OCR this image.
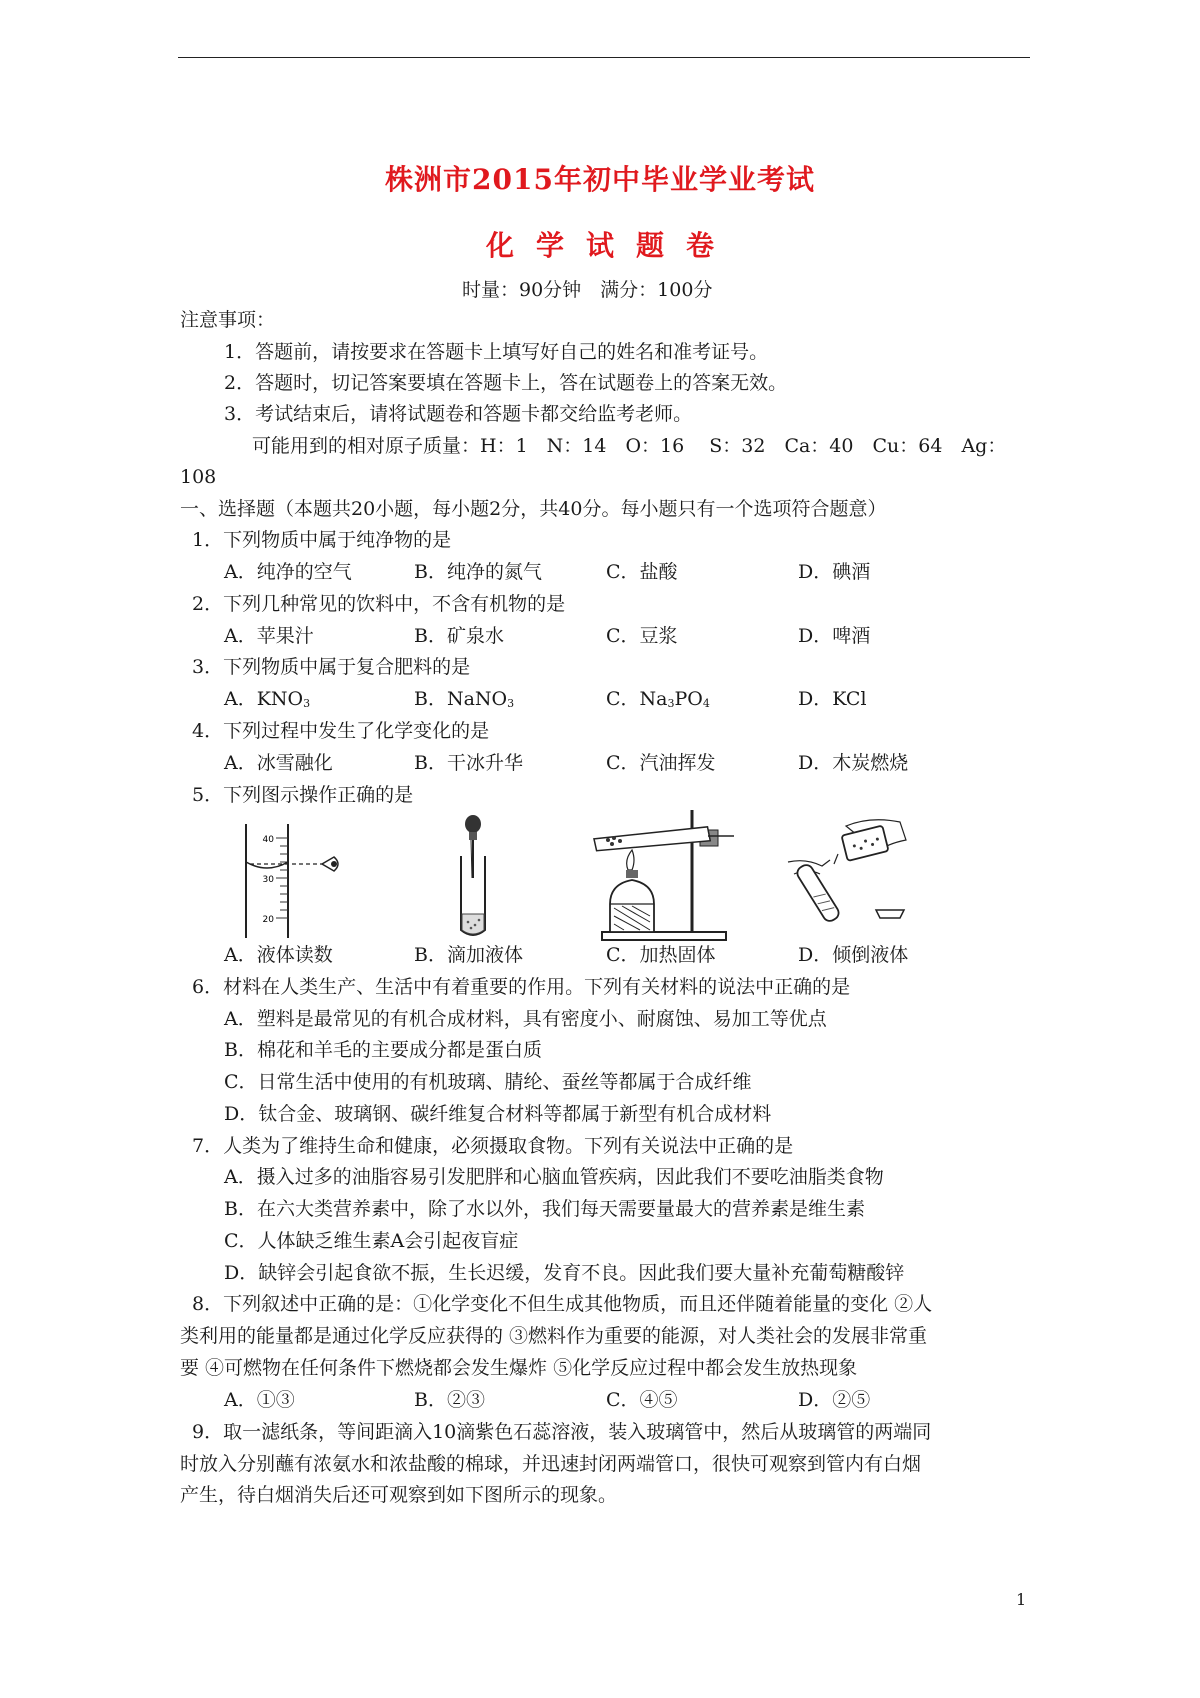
株洲市2015年初中毕业学业考试
化 学 试 题 卷
时量：90分钟　满分：100分
注意事项：
1．答题前，请按要求在答题卡上填写好自己的姓名和准考证号。
2．答题时，切记答案要填在答题卡上，答在试题卷上的答案无效。
3．考试结束后，请将试题卷和答题卡都交给监考老师。
可能用到的相对原子质量：H：1　N：14　O：16　 S：32　Ca：40　Cu：64　Ag：
108
一、选择题（本题共20小题，每小题2分，共40分。每小题只有一个选项符合题意）
1．下列物质中属于纯净物的是
A．纯净的空气	B．纯净的氮气	C．盐酸	D．碘酒
2．下列几种常见的饮料中，不含有机物的是
A．苹果汁	B．矿泉水	C．豆浆	D．啤酒
3．下列物质中属于复合肥料的是
A．$KNO_3$	B．NaNO$_3$	C．$Na_3PO_4$	D．KCl
4．下列过程中发生了化学变化的是
A．冰雪融化	B．干冰升华	C．汽油挥发	D．木炭燃烧
5．下列图示操作正确的是
40
30
20
A．液体读数	B．滴加液体	C．加热固体	D．倾倒液体
6．材料在人类生产、生活中有着重要的作用。下列有关材料的说法中正确的是
A．塑料是最常见的有机合成材料，具有密度小、耐腐蚀、易加工等优点
B．棉花和羊毛的主要成分都是蛋白质
C．日常生活中使用的有机玻璃、腈纶、蚕丝等都属于合成纤维
D．钛合金、玻璃钢、碳纤维复合材料等都属于新型有机合成材料
7．人类为了维持生命和健康，必须摄取食物。下列有关说法中正确的是
A．摄入过多的油脂容易引发肥胖和心脑血管疾病，因此我们不要吃油脂类食物
B．在六大类营养素中，除了水以外，我们每天需要量最大的营养素是维生素
C．人体缺乏维生素A会引起夜盲症
D．缺锌会引起食欲不振，生长迟缓，发育不良。因此我们要大量补充葡萄糖酸锌
8．下列叙述中正确的是：①化学变化不但生成其他物质，而且还伴随着能量的变化 ②人
类利用的能量都是通过化学反应获得的 ③燃料作为重要的能源，对人类社会的发展非常重
要 ④可燃物在任何条件下燃烧都会发生爆炸 ⑤化学反应过程中都会发生放热现象
A．①③	B．②③	C．④⑤	D．②⑤
9．取一滤纸条，等间距滴入10滴紫色石蕊溶液，装入玻璃管中，然后从玻璃管的两端同
时放入分别蘸有浓氨水和浓盐酸的棉球，并迅速封闭两端管口，很快可观察到管内有白烟
产生，待白烟消失后还可观察到如下图所示的现象。
1
